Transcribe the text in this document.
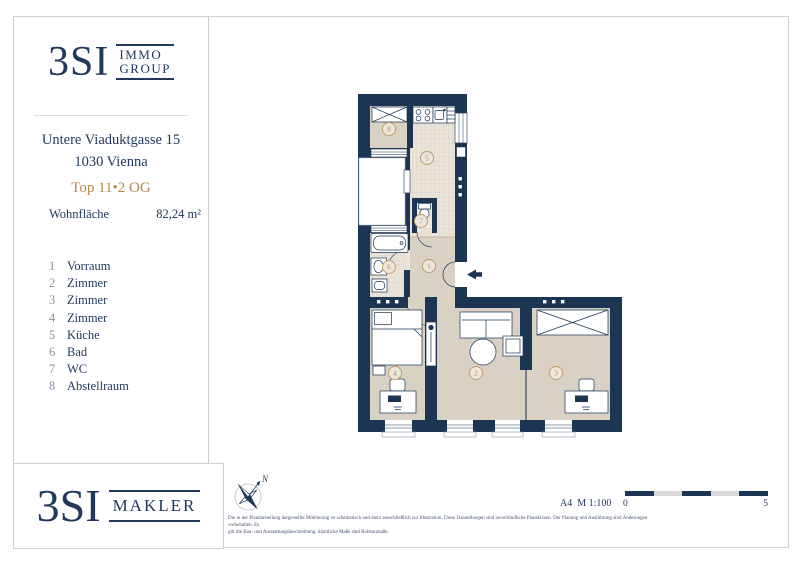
3SI IMMO
GROUP
Untere Viaduktgasse 15
1030 Vienna
Top 11•2 OG
Wohnfläche	82,24 m²
1 Vorraum
2 Zimmer
3 Zimmer
4 Zimmer
5 Küche
6 Bad
7 WC
8 Abstellraum
1
2	3
4
5
6
7
8
N
A4  M 1:100 0	5
3SI MAKLER
Die in der Plandarstellung dargestellte Möblierung ist schematisch und dient ausschließlich zur Illustration. Diese Darstellungen sind unverbindliche Planskizzen. Der Planung und Ausführung sind Änderungen vorbehalten. Es
gilt die Bau- und Ausstattungsbeschreibung. Sämtliche Maße sind Rohbaumaße.
